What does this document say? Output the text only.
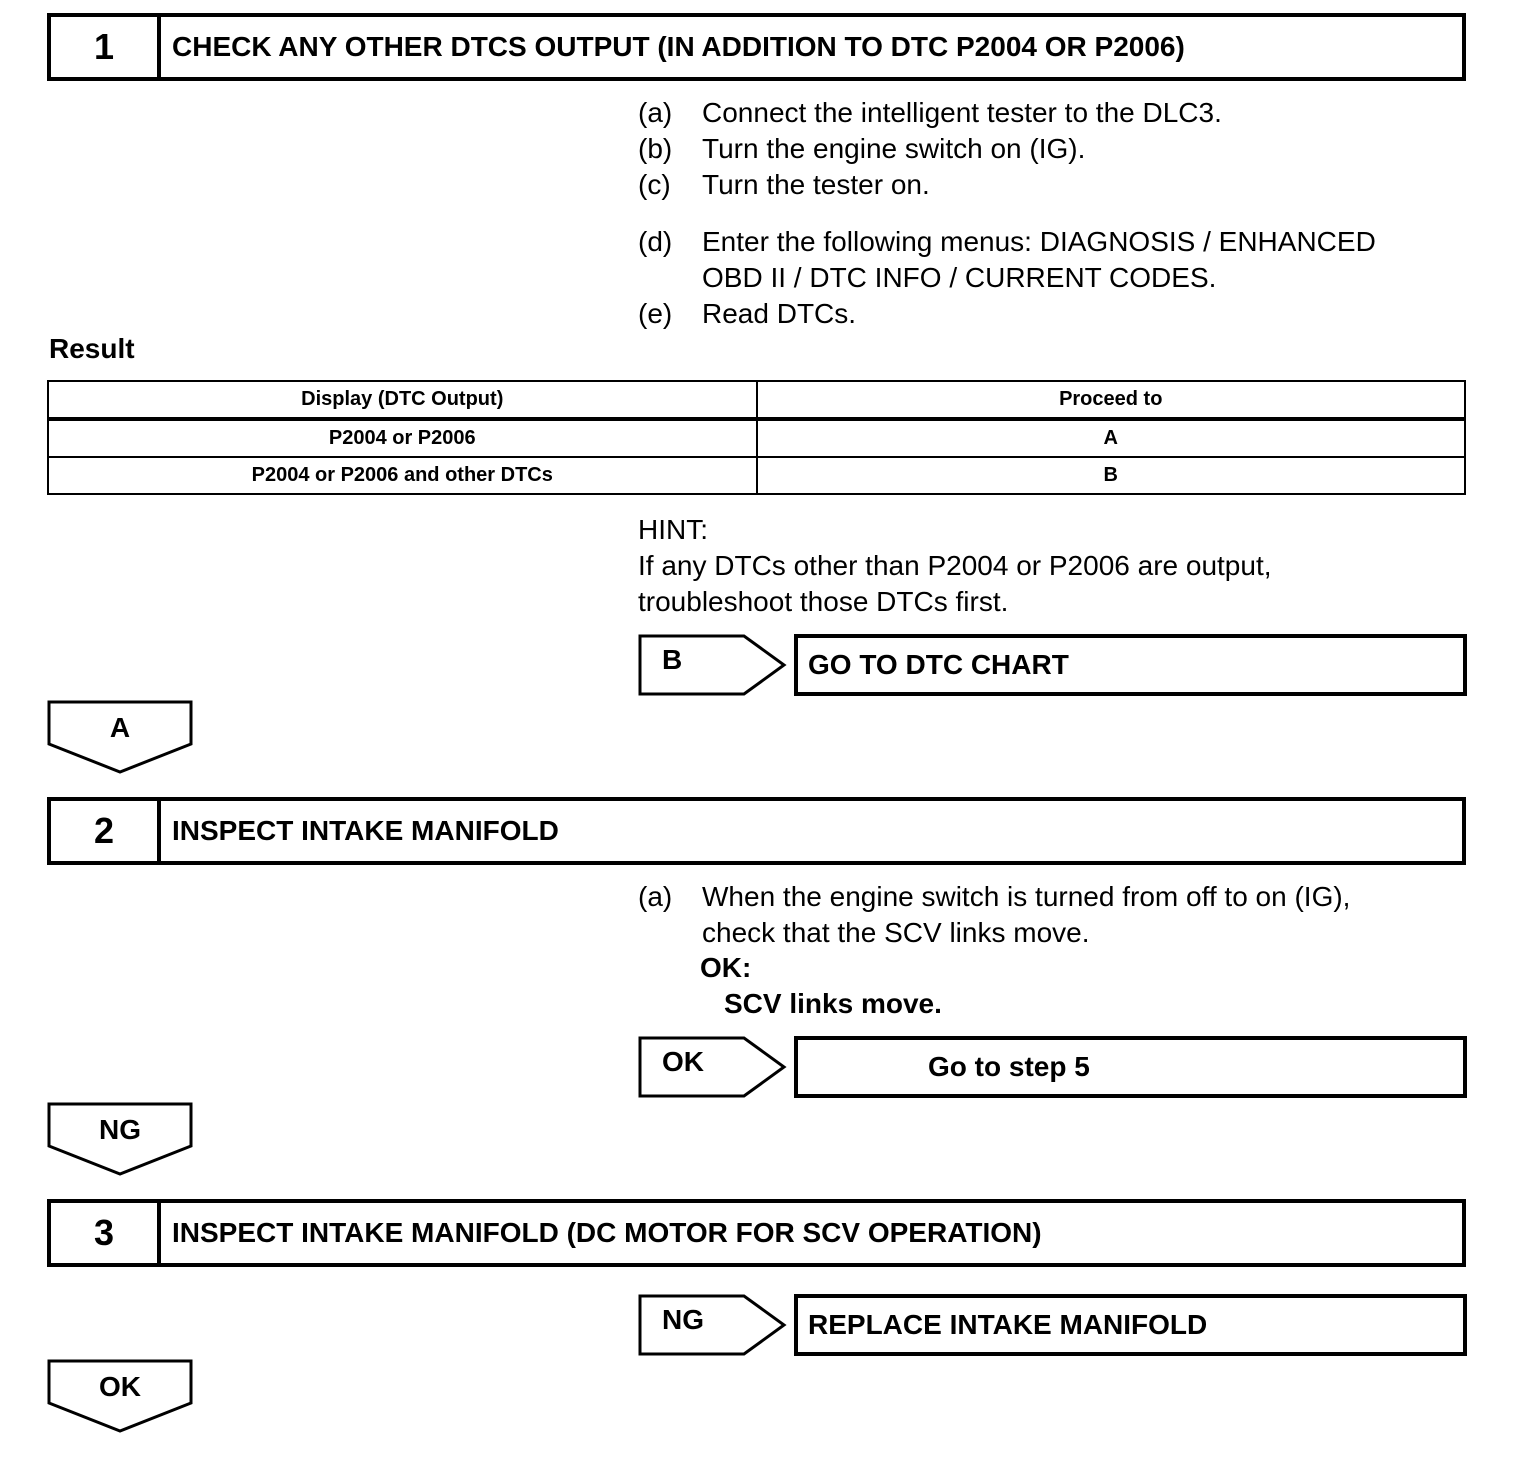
1	CHECK ANY OTHER DTCS OUTPUT (IN ADDITION TO DTC P2004 OR P2006)
(a)	Connect the intelligent tester to the DLC3.
(b)	Turn the engine switch on (IG).
(c)	Turn the tester on.
(d)	Enter the following menus: DIAGNOSIS / ENHANCED
OBD II / DTC INFO / CURRENT CODES.
(e)	Read DTCs.
Result
Display (DTC Output)	Proceed to
P2004 or P2006	A
P2004 or P2006 and other DTCs	B
HINT:
If any DTCs other than P2004 or P2006 are output,
troubleshoot those DTCs first.
B	GO TO DTC CHART
A
2	INSPECT INTAKE MANIFOLD
(a)	When the engine switch is turned from off to on (IG),
check that the SCV links move.
OK:
SCV links move.
OK	Go to step 5
NG
3	INSPECT INTAKE MANIFOLD (DC MOTOR FOR SCV OPERATION)
NG	REPLACE INTAKE MANIFOLD
OK
